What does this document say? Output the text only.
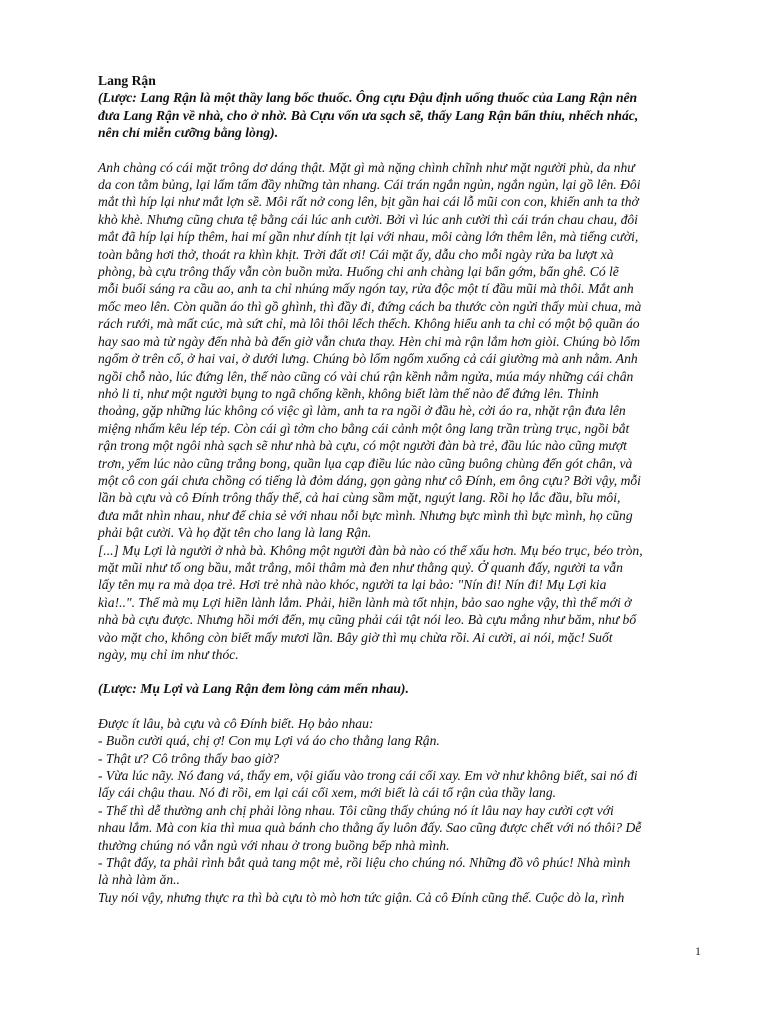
Lang Rận

(Lược: Lang Rận là một thầy lang bốc thuốc. Ông cựu Đậu định uống thuốc của Lang Rận nên
đưa Lang Rận về nhà, cho ở nhờ. Bà Cựu vốn ưa sạch sẽ, thấy Lang Rận bẩn thỉu, nhếch nhác,
nên chỉ miễn cưỡng bằng lòng).

Anh chàng có cái mặt trông dơ dáng thật. Mặt gì mà nặng chình chĩnh như mặt người phù, da như
da con tằm bủng, lại lấm tấm đầy những tàn nhang. Cái trán ngắn ngủn, ngắn ngủn, lại gồ lên. Đôi
mắt thì híp lại như mắt lợn sề. Môi rất nở cong lên, bịt gần hai cái lỗ mũi con con, khiến anh ta thở
khò khè. Nhưng cũng chưa tệ bằng cái lúc anh cười. Bởi vì lúc anh cười thì cái trán chau chau, đôi
mắt đã híp lại híp thêm, hai mí gần như dính tịt lại với nhau, môi càng lớn thêm lên, mà tiếng cười,
toàn bằng hơi thở, thoát ra khìn khịt. Trời đất ơi! Cái mặt ấy, dẫu cho mỗi ngày rửa ba lượt xà
phòng, bà cựu trông thấy vẫn còn buồn mửa. Huống chi anh chàng lại bẩn gớm, bẩn ghê. Có lẽ
mỗi buổi sáng ra cầu ao, anh ta chỉ nhúng mấy ngón tay, rửa độc một tí đầu mũi mà thôi. Mắt anh
mốc meo lên. Còn quần áo thì gồ ghình, thì đầy đi, đứng cách ba thước còn ngửi thấy mùi chua, mà
rách rưới, mà mất cúc, mà sứt chỉ, mà lôi thôi lếch thếch. Không hiểu anh ta chỉ có một bộ quần áo
hay sao mà từ ngày đến nhà bà đến giờ vẫn chưa thay. Hèn chi mà rận lắm hơn giòi. Chúng bò lổm
ngổm ở trên cổ, ở hai vai, ở dưới lưng. Chúng bò lổm ngổm xuống cả cái giường mà anh nằm. Anh
ngồi chỗ nào, lúc đứng lên, thế nào cũng có vài chú rận kềnh nằm ngửa, múa máy những cái chân
nhỏ li ti, như một người bụng to ngã chổng kềnh, không biết làm thế nào để đứng lên. Thỉnh
thoảng, gặp những lúc không có việc gì làm, anh ta ra ngồi ở đầu hè, cởi áo ra, nhặt rận đưa lên
miệng nhấm kêu lép tép. Còn cái gì tởm cho bằng cái cảnh một ông lang trần trùng trục, ngồi bắt
rận trong một ngôi nhà sạch sẽ như nhà bà cựu, có một người đàn bà trẻ, đầu lúc nào cũng mượt
trơn, yếm lúc nào cũng trắng bong, quần lụa cạp điều lúc nào cũng buông chùng đến gót chân, và
một cô con gái chưa chồng có tiếng là đỏm dáng, gọn gàng như cô Đính, em ông cựu? Bởi vậy, mỗi
lần bà cựu và cô Đính trông thấy thế, cả hai cùng sầm mặt, nguýt lang. Rồi họ lắc đầu, bĩu môi,
đưa mắt nhìn nhau, như để chia sẻ với nhau nỗi bực mình. Nhưng bực mình thì bực mình, họ cũng
phải bật cười. Và họ đặt tên cho lang là lang Rận.

[...] Mụ Lợi là người ở nhà bà. Không một người đàn bà nào có thể xấu hơn. Mụ béo trục, béo tròn,
mặt mũi như tổ ong bầu, mắt trắng, môi thâm mà đen như thằng quỷ. Ở quanh đấy, người ta vẫn
lấy tên mụ ra mà dọa trẻ. Hơi trẻ nhà nào khóc, người ta lại bảo: "Nín đi! Nín đi! Mụ Lợi kia
kìa!..". Thế mà mụ Lợi hiền lành lắm. Phải, hiền lành mà tốt nhịn, bảo sao nghe vậy, thì thế mới ở
nhà bà cựu được. Nhưng hồi mới đến, mụ cũng phải cái tật nói leo. Bà cựu mắng như băm, như bổ
vào mặt cho, không còn biết mấy mươi lần. Bây giờ thì mụ chừa rồi. Ai cười, ai nói, mặc! Suốt
ngày, mụ chỉ im như thóc.

(Lược: Mụ Lợi và Lang Rận đem lòng cảm mến nhau).

Được ít lâu, bà cựu và cô Đính biết. Họ bảo nhau:
- Buồn cười quá, chị ợ! Con mụ Lợi vá áo cho thằng lang Rận.
- Thật ư? Cô trông thấy bao giờ?
- Vừa lúc nãy. Nó đang vá, thấy em, vội giấu vào trong cái cối xay. Em vờ như không biết, sai nó đi
lấy cái chậu thau. Nó đi rồi, em lại cái cối xem, mới biết là cái tổ rận của thầy lang.
- Thế thì dễ thường anh chị phải lòng nhau. Tôi cũng thấy chúng nó ít lâu nay hay cười cợt với
nhau lắm. Mà con kia thì mua quà bánh cho thằng ấy luôn đấy. Sao cũng được chết với nó thôi? Dễ
thường chúng nó vẫn ngủ với nhau ở trong buồng bếp nhà mình.
- Thật đấy, ta phải rình bắt quả tang một mẻ, rồi liệu cho chúng nó. Những đồ vô phúc! Nhà mình
là nhà làm ăn..
Tuy nói vậy, nhưng thực ra thì bà cựu tò mò hơn tức giận. Cả cô Đính cũng thế. Cuộc dò la, rình

1
